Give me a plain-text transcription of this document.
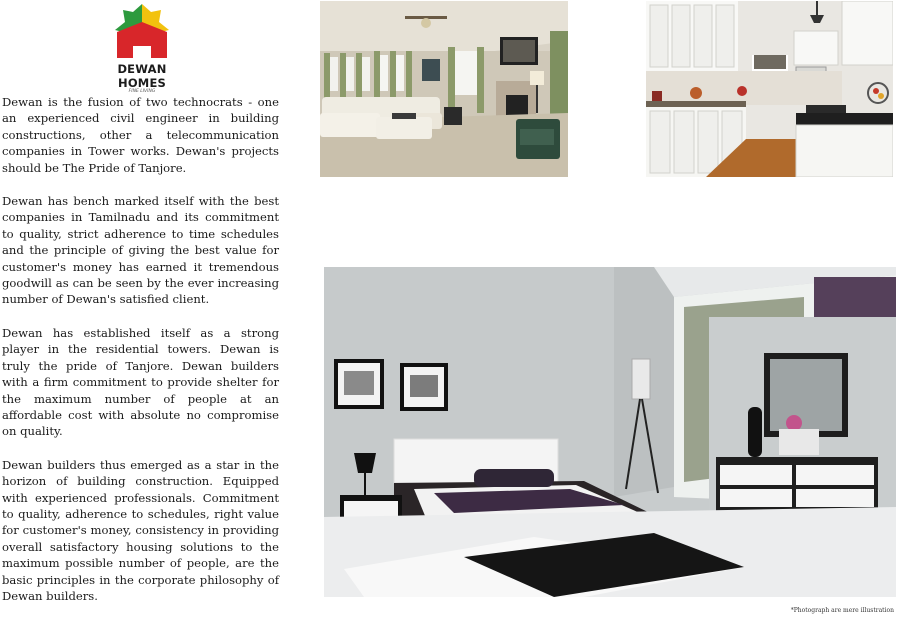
DEWAN HOMES
FINE LIVING

Dewan is the fusion of two technocrats - one an experienced civil engineer in building constructions, other a telecommunication companies in Tower works. Dewan's projects should be The Pride of Tanjore.

Dewan has bench marked itself with the best companies in Tamilnadu and its commitment to quality, strict adherence to time schedules and the principle of giving the best value for customer's money has earned it tremendous goodwill as can be seen by the ever increasing number of Dewan's satisfied client.

Dewan has established itself as a strong player in the residential towers. Dewan is truly the pride of Tanjore. Dewan builders with a firm commitment to provide shelter for the maximum number of people at an affordable cost with absolute no compromise on quality.

Dewan builders thus emerged as a star in the horizon of building construction. Equipped with experienced professionals. Commitment to quality, adherence to schedules, right value for customer's money, consistency in providing overall satisfactory housing solutions to the maximum possible number of people, are the basic principles in the corporate philosophy of Dewan builders.

*Photograph are mere illustration
